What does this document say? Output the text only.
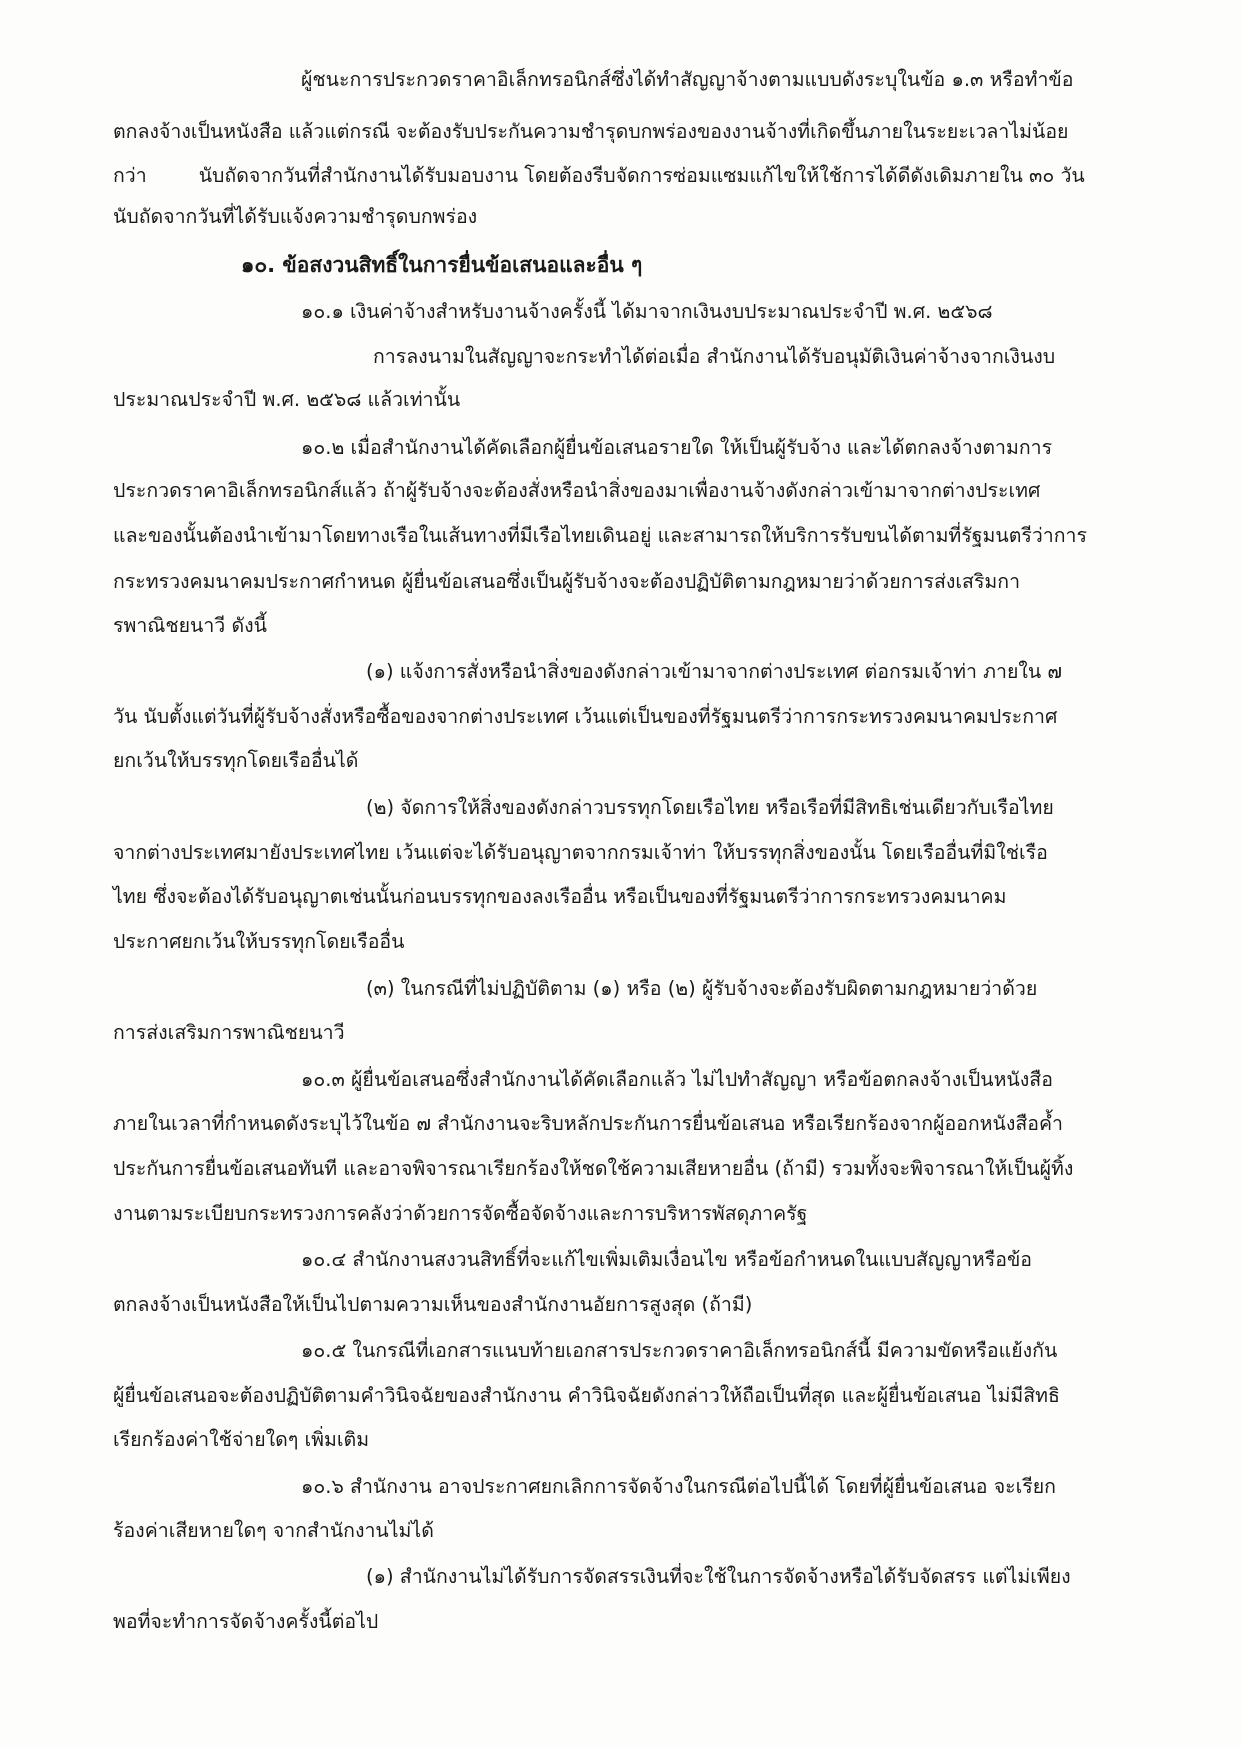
ผู้ชนะการประกวดราคาอิเล็กทรอนิกส์ซึ่งได้ทำสัญญาจ้างตามแบบดังระบุในข้อ ๑.๓ หรือทำข้อ
ตกลงจ้างเป็นหนังสือ แล้วแต่กรณี จะต้องรับประกันความชำรุดบกพร่องของงานจ้างที่เกิดขึ้นภายในระยะเวลาไม่น้อย
กว่า	นับถัดจากวันที่สำนักงานได้รับมอบงาน โดยต้องรีบจัดการซ่อมแซมแก้ไขให้ใช้การได้ดีดังเดิมภายใน ๓๐ วัน
นับถัดจากวันที่ได้รับแจ้งความชำรุดบกพร่อง
๑๐. ข้อสงวนสิทธิ์ในการยื่นข้อเสนอและอื่น ๆ
๑๐.๑ เงินค่าจ้างสำหรับงานจ้างครั้งนี้ ได้มาจากเงินงบประมาณประจำปี พ.ศ. ๒๕๖๘
การลงนามในสัญญาจะกระทำได้ต่อเมื่อ สำนักงานได้รับอนุมัติเงินค่าจ้างจากเงินงบ
ประมาณประจำปี พ.ศ. ๒๕๖๘ แล้วเท่านั้น
๑๐.๒ เมื่อสำนักงานได้คัดเลือกผู้ยื่นข้อเสนอรายใด ให้เป็นผู้รับจ้าง และได้ตกลงจ้างตามการ
ประกวดราคาอิเล็กทรอนิกส์แล้ว ถ้าผู้รับจ้างจะต้องสั่งหรือนำสิ่งของมาเพื่องานจ้างดังกล่าวเข้ามาจากต่างประเทศ
และของนั้นต้องนำเข้ามาโดยทางเรือในเส้นทางที่มีเรือไทยเดินอยู่ และสามารถให้บริการรับขนได้ตามที่รัฐมนตรีว่าการ
กระทรวงคมนาคมประกาศกำหนด ผู้ยื่นข้อเสนอซึ่งเป็นผู้รับจ้างจะต้องปฏิบัติตามกฎหมายว่าด้วยการส่งเสริมกา
รพาณิชยนาวี ดังนี้
(๑) แจ้งการสั่งหรือนำสิ่งของดังกล่าวเข้ามาจากต่างประเทศ ต่อกรมเจ้าท่า ภายใน ๗
วัน นับตั้งแต่วันที่ผู้รับจ้างสั่งหรือซื้อของจากต่างประเทศ เว้นแต่เป็นของที่รัฐมนตรีว่าการกระทรวงคมนาคมประกาศ
ยกเว้นให้บรรทุกโดยเรืออื่นได้
(๒) จัดการให้สิ่งของดังกล่าวบรรทุกโดยเรือไทย หรือเรือที่มีสิทธิเช่นเดียวกับเรือไทย
จากต่างประเทศมายังประเทศไทย เว้นแต่จะได้รับอนุญาตจากกรมเจ้าท่า ให้บรรทุกสิ่งของนั้น โดยเรืออื่นที่มิใช่เรือ
ไทย ซึ่งจะต้องได้รับอนุญาตเช่นนั้นก่อนบรรทุกของลงเรืออื่น หรือเป็นของที่รัฐมนตรีว่าการกระทรวงคมนาคม
ประกาศยกเว้นให้บรรทุกโดยเรืออื่น
(๓) ในกรณีที่ไม่ปฏิบัติตาม (๑) หรือ (๒) ผู้รับจ้างจะต้องรับผิดตามกฎหมายว่าด้วย
การส่งเสริมการพาณิชยนาวี
๑๐.๓ ผู้ยื่นข้อเสนอซึ่งสำนักงานได้คัดเลือกแล้ว ไม่ไปทำสัญญา หรือข้อตกลงจ้างเป็นหนังสือ
ภายในเวลาที่กำหนดดังระบุไว้ในข้อ ๗ สำนักงานจะริบหลักประกันการยื่นข้อเสนอ หรือเรียกร้องจากผู้ออกหนังสือค้ำ
ประกันการยื่นข้อเสนอทันที และอาจพิจารณาเรียกร้องให้ชดใช้ความเสียหายอื่น (ถ้ามี) รวมทั้งจะพิจารณาให้เป็นผู้ทิ้ง
งานตามระเบียบกระทรวงการคลังว่าด้วยการจัดซื้อจัดจ้างและการบริหารพัสดุภาครัฐ
๑๐.๔ สำนักงานสงวนสิทธิ์ที่จะแก้ไขเพิ่มเติมเงื่อนไข หรือข้อกำหนดในแบบสัญญาหรือข้อ
ตกลงจ้างเป็นหนังสือให้เป็นไปตามความเห็นของสำนักงานอัยการสูงสุด (ถ้ามี)
๑๐.๕ ในกรณีที่เอกสารแนบท้ายเอกสารประกวดราคาอิเล็กทรอนิกส์นี้ มีความขัดหรือแย้งกัน
ผู้ยื่นข้อเสนอจะต้องปฏิบัติตามคำวินิจฉัยของสำนักงาน คำวินิจฉัยดังกล่าวให้ถือเป็นที่สุด และผู้ยื่นข้อเสนอ ไม่มีสิทธิ
เรียกร้องค่าใช้จ่ายใดๆ เพิ่มเติม
๑๐.๖ สำนักงาน อาจประกาศยกเลิกการจัดจ้างในกรณีต่อไปนี้ได้ โดยที่ผู้ยื่นข้อเสนอ จะเรียก
ร้องค่าเสียหายใดๆ จากสำนักงานไม่ได้
(๑) สำนักงานไม่ได้รับการจัดสรรเงินที่จะใช้ในการจัดจ้างหรือได้รับจัดสรร แต่ไม่เพียง
พอที่จะทำการจัดจ้างครั้งนี้ต่อไป
